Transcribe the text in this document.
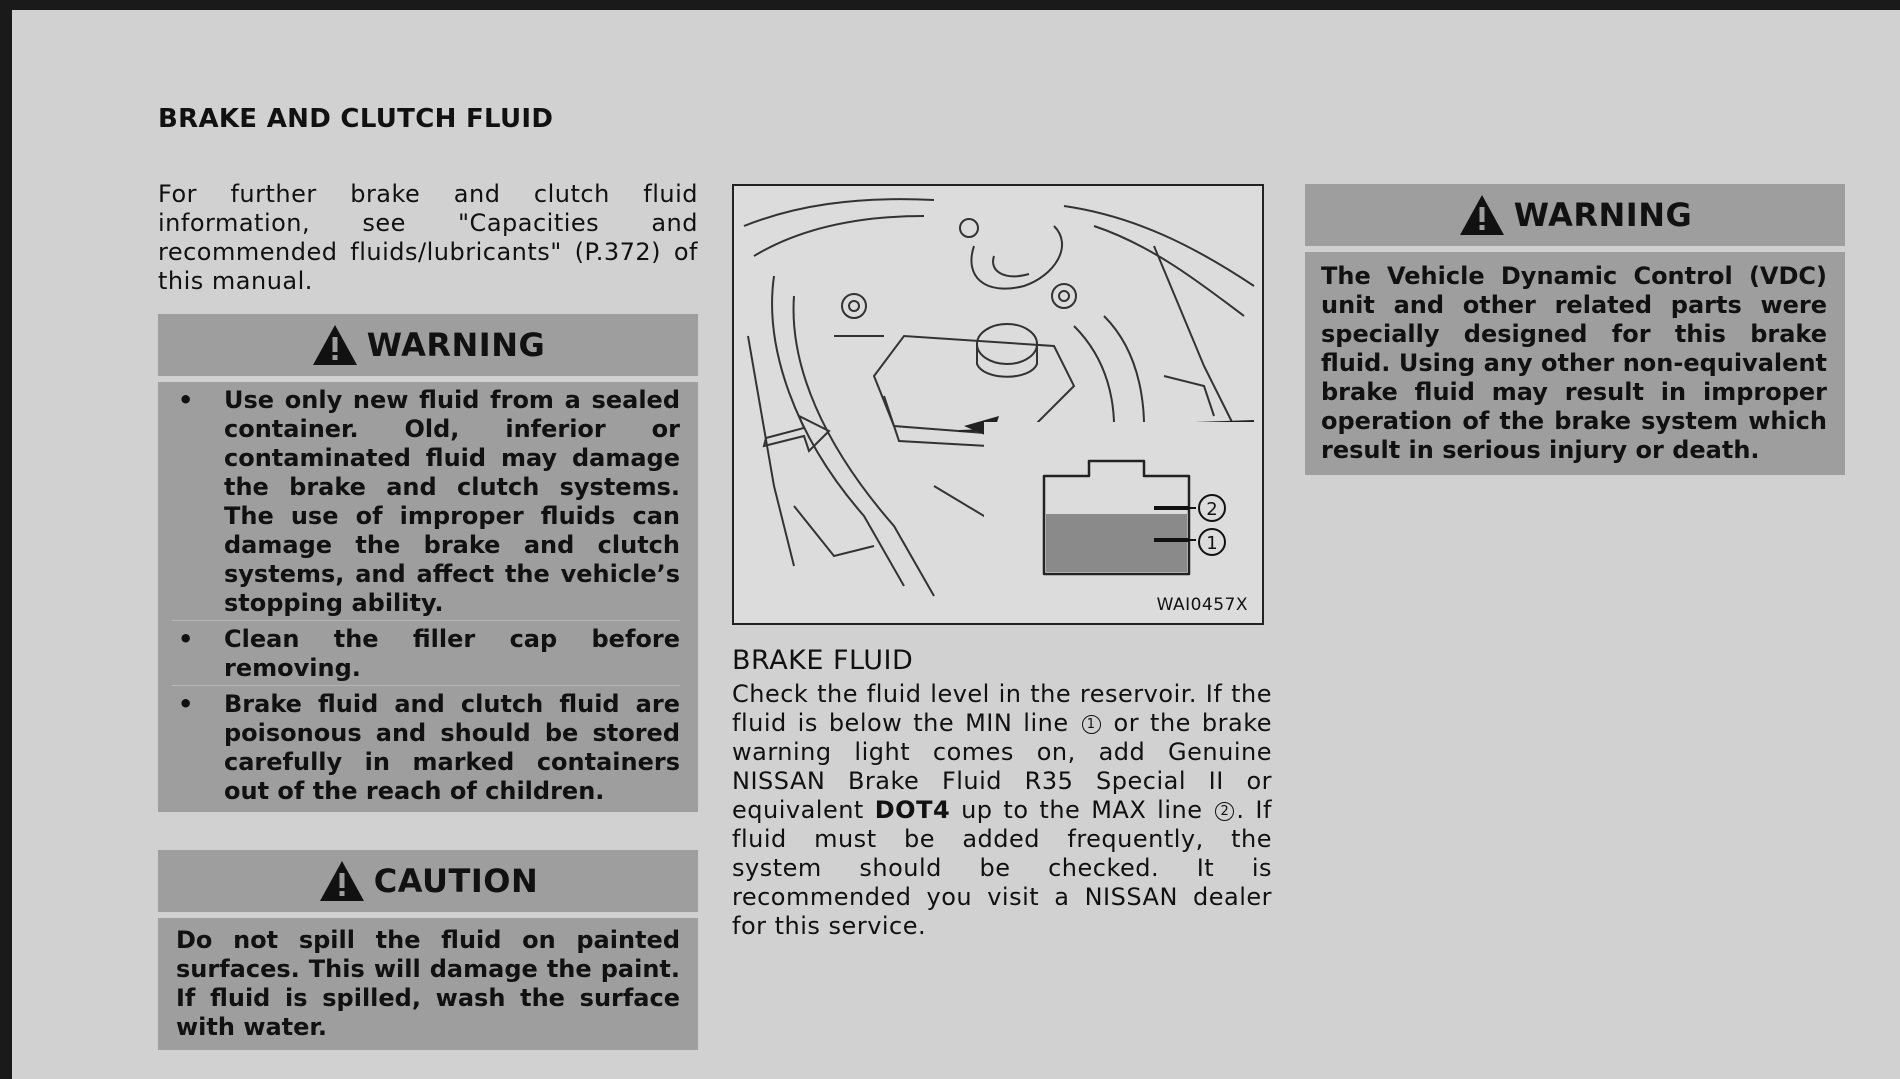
BRAKE AND CLUTCH FLUID

For further brake and clutch fluid information, see "Capacities and recommended fluids/lubricants" (P.372) of this manual.

WARNING
•	Use only new fluid from a sealed container. Old, inferior or contaminated fluid may damage the brake and clutch systems. The use of improper fluids can damage the brake and clutch systems, and affect the vehicle’s stopping ability.
•	Clean the filler cap before removing.
•	Brake fluid and clutch fluid are poisonous and should be stored carefully in marked containers out of the reach of children.
CAUTION
Do not spill the fluid on painted surfaces. This will damage the paint. If fluid is spilled, wash the surface with water.
2
1
WAI0457X
BRAKE FLUID
Check the fluid level in the reservoir. If the fluid is below the MIN line 1 or the brake warning light comes on, add Genuine NISSAN Brake Fluid R35 Special II or equivalent DOT4 up to the MAX line 2 . If fluid must be added frequently, the system should be checked. It is recommended you visit a NISSAN dealer for this service.
WARNING
The Vehicle Dynamic Control (VDC) unit and other related parts were specially designed for this brake fluid. Using any other non-equivalent brake fluid may result in improper operation of the brake system which result in serious injury or death.
